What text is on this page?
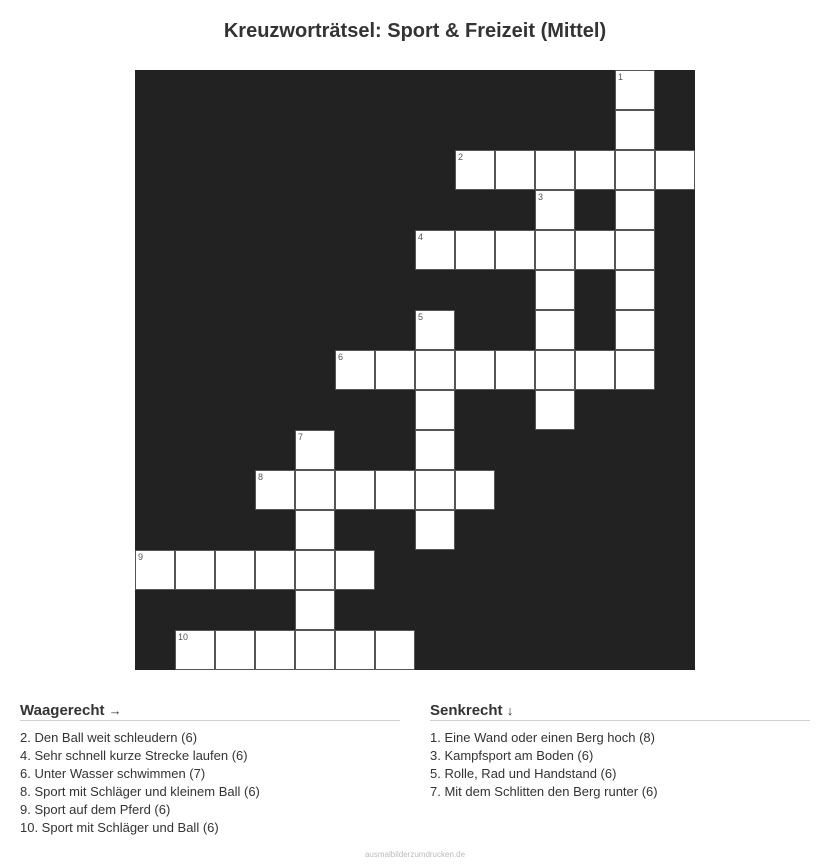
Kreuzworträtsel: Sport & Freizeit (Mittel)
1
2
3
4
5
6
7
8
9
10
Waagerecht →
2. Den Ball weit schleudern (6)
4. Sehr schnell kurze Strecke laufen (6)
6. Unter Wasser schwimmen (7)
8. Sport mit Schläger und kleinem Ball (6)
9. Sport auf dem Pferd (6)
10. Sport mit Schläger und Ball (6)
Senkrecht ↓
1. Eine Wand oder einen Berg hoch (8)
3. Kampfsport am Boden (6)
5. Rolle, Rad und Handstand (6)
7. Mit dem Schlitten den Berg runter (6)
ausmalbilderzumdrucken.de
